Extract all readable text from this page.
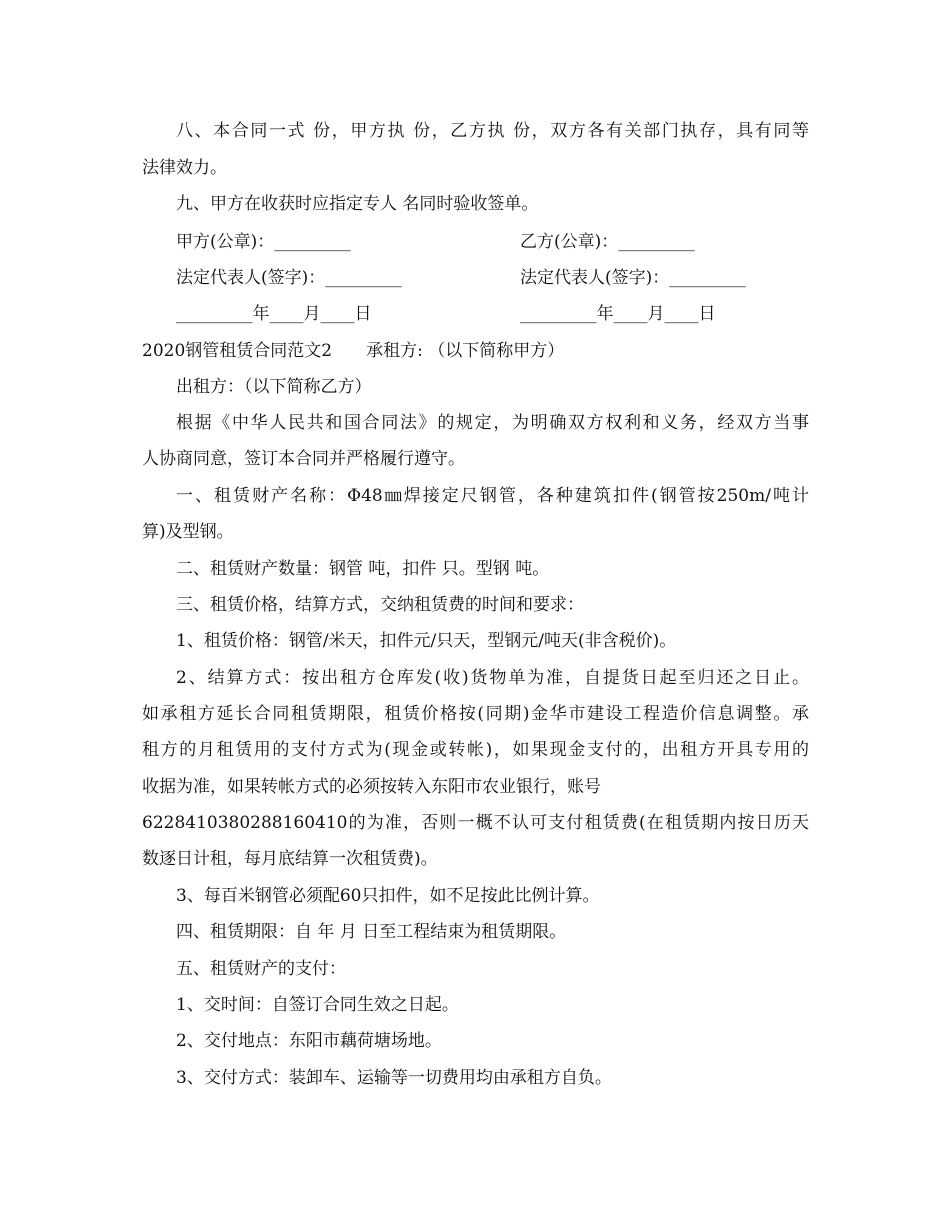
八、本合同一式 份，甲方执 份，乙方执 份，双方各有关部门执存，具有同等
法律效力。
九、甲方在收获时应指定专人 名同时验收签单。
甲方(公章)：_________	乙方(公章)：_________
法定代表人(签字)：_________	法定代表人(签字)：_________
_________年____月____日	_________年____月____日
2020钢管租赁合同范文2　　承租方: （以下简称甲方）
出租方：（以下简称乙方）
根据《中华人民共和国合同法》的规定，为明确双方权利和义务，经双方当事
人协商同意，签订本合同并严格履行遵守。
一、租赁财产名称：Φ48㎜焊接定尺钢管，各种建筑扣件(钢管按250m/吨计
算)及型钢。
二、租赁财产数量：钢管 吨，扣件 只。型钢 吨。
三、租赁价格，结算方式，交纳租赁费的时间和要求：
1、租赁价格：钢管/米天，扣件元/只天，型钢元/吨天(非含税价)。
2、结算方式：按出租方仓库发(收)货物单为准，自提货日起至归还之日止。
如承租方延长合同租赁期限，租赁价格按(同期)金华市建设工程造价信息调整。承
租方的月租赁用的支付方式为(现金或转帐)，如果现金支付的，出租方开具专用的
收据为准，如果转帐方式的必须按转入东阳市农业银行，账号
6228410380288160410的为准，否则一概不认可支付租赁费(在租赁期内按日历天
数逐日计租，每月底结算一次租赁费)。
3、每百米钢管必须配60只扣件，如不足按此比例计算。
四、租赁期限：自 年 月 日至工程结束为租赁期限。
五、租赁财产的支付：
1、交时间：自签订合同生效之日起。
2、交付地点：东阳市藕荷塘场地。
3、交付方式：装卸车、运输等一切费用均由承租方自负。
